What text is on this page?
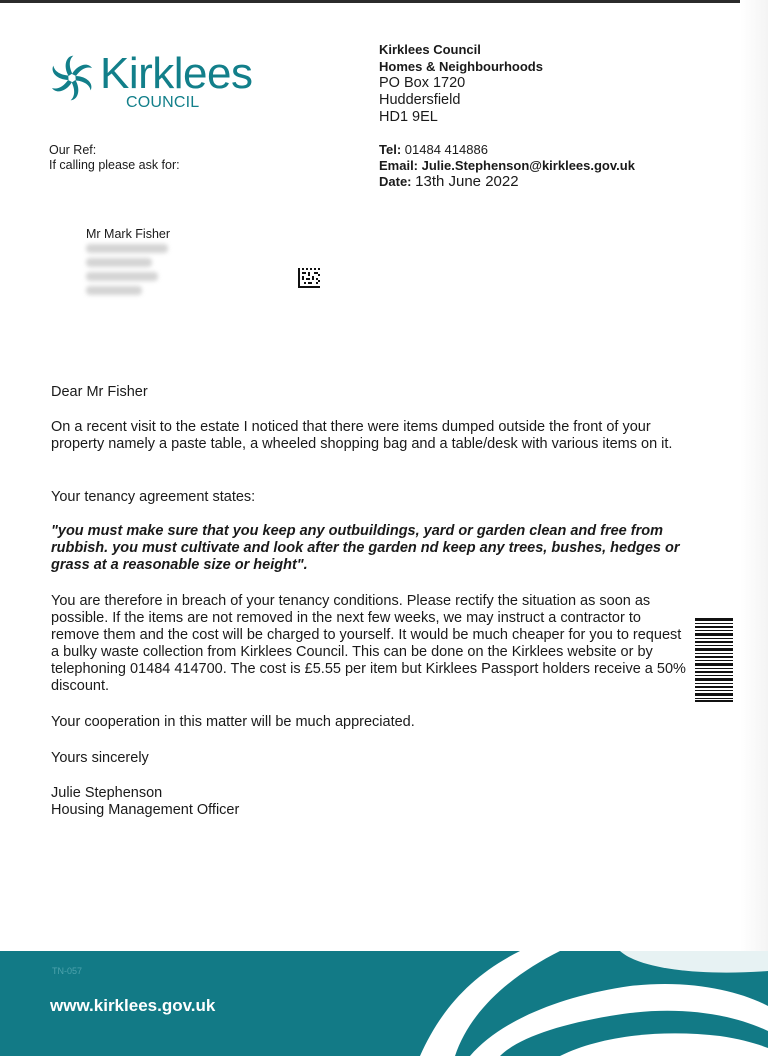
Kirklees
COUNCIL
Kirklees Council
Homes & Neighbourhoods
PO Box 1720
Huddersfield
HD1 9EL
Tel: 01484 414886
Email: Julie.Stephenson@kirklees.gov.uk
Date: 13th June 2022
Our Ref:
If calling please ask for:
Mr Mark Fisher
Dear Mr Fisher
On a recent visit to the estate I noticed that there were items dumped outside the front of your property namely a paste table, a wheeled shopping bag and a table/desk with various items on it.
Your tenancy agreement states:
"you must make sure that you keep any outbuildings, yard or garden clean and free from rubbish. you must cultivate and look after the garden nd keep any trees, bushes, hedges or grass at a reasonable size or height".
You are therefore in breach of your tenancy conditions. Please rectify the situation as soon as possible. If the items are not removed in the next few weeks, we may instruct a contractor to remove them and the cost will be charged to yourself. It would be much cheaper for you to request a bulky waste collection from Kirklees Council. This can be done on the Kirklees website or by telephoning 01484 414700. The cost is £5.55 per item but Kirklees Passport holders receive a 50% discount.
Your cooperation in this matter will be much appreciated.
Yours sincerely
Julie Stephenson
Housing Management Officer
TN-057
www.kirklees.gov.uk
